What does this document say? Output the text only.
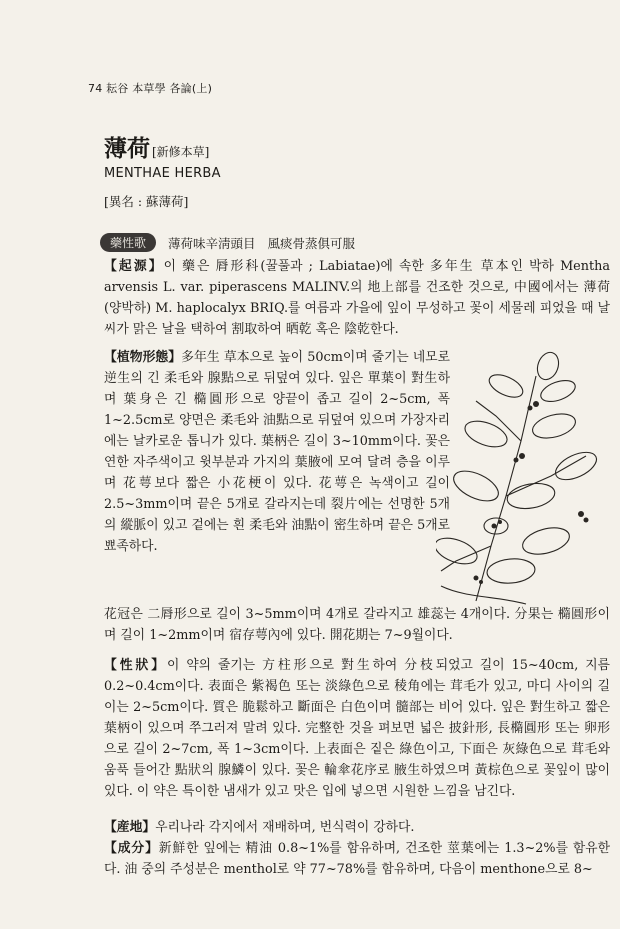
74 耘谷 本草學 各論(上)
薄荷 [新修本草]
MENTHAE HERBA
[異名 : 蘇薄荷]
藥性歌	薄荷味辛淸頭目 風痰骨蒸俱可服
【起源】이 藥은 脣形科(꿀풀과 ; Labiatae)에 속한 多年生 草本인 박하 Mentha arvensis L. var. piperascens MALINV.의 地上部를 건조한 것으로, 中國에서는 薄荷(양박하) M. haplocalyx BRIQ.를 여름과 가을에 잎이 무성하고 꽃이 세물레 피었을 때 날씨가 맑은 날을 택하여 割取하여 晒乾 혹은 陰乾한다.
【植物形態】多年生 草本으로 높이 50cm이며 줄기는 네모로 逆生의 긴 柔毛와 腺點으로 뒤덮여 있다. 잎은 單葉이 對生하며 葉身은 긴 橢圓形으로 양끝이 좁고 길이 2~5cm, 폭 1~2.5cm로 양면은 柔毛와 油點으로 뒤덮여 있으며 가장자리에는 날카로운 톱니가 있다. 葉柄은 길이 3~10mm이다. 꽃은 연한 자주색이고 윗부분과 가지의 葉腋에 모여 달려 층을 이루며 花萼보다 짧은 小花梗이 있다. 花萼은 녹색이고 길이 2.5~3mm이며 끝은 5개로 갈라지는데 裂片에는 선명한 5개의 縱脈이 있고 겉에는 흰 柔毛와 油點이 密生하며 끝은 5개로 뾰족하다.
花冠은 二脣形으로 길이 3~5mm이며 4개로 갈라지고 雄蕊는 4개이다. 分果는 橢圓形이며 길이 1~2mm이며 宿存萼內에 있다. 開花期는 7~9월이다.
【性狀】이 약의 줄기는 方柱形으로 對生하여 分枝되었고 길이 15~40cm, 지름 0.2~0.4cm이다. 表面은 紫褐色 또는 淡綠色으로 稜角에는 茸毛가 있고, 마디 사이의 길이는 2~5cm이다. 質은 脆鬆하고 斷面은 白色이며 髓部는 비어 있다. 잎은 對生하고 짧은 葉柄이 있으며 쭈그러져 말려 있다. 完整한 것을 펴보면 넓은 披針形, 長橢圓形 또는 卵形으로 길이 2~7cm, 폭 1~3cm이다. 上表面은 짙은 綠色이고, 下面은 灰綠色으로 茸毛와 움푹 들어간 點狀의 腺鱗이 있다. 꽃은 輪傘花序로 腋生하였으며 黃棕色으로 꽃잎이 많이 있다. 이 약은 특이한 냄새가 있고 맛은 입에 넣으면 시원한 느낌을 남긴다.
【産地】우리나라 각지에서 재배하며, 번식력이 강하다.
【成分】新鮮한 잎에는 精油 0.8~1%를 함유하며, 건조한 莖葉에는 1.3~2%를 함유한다. 油 중의 주성분은 menthol로 약 77~78%를 함유하며, 다음이 menthone으로 8~
